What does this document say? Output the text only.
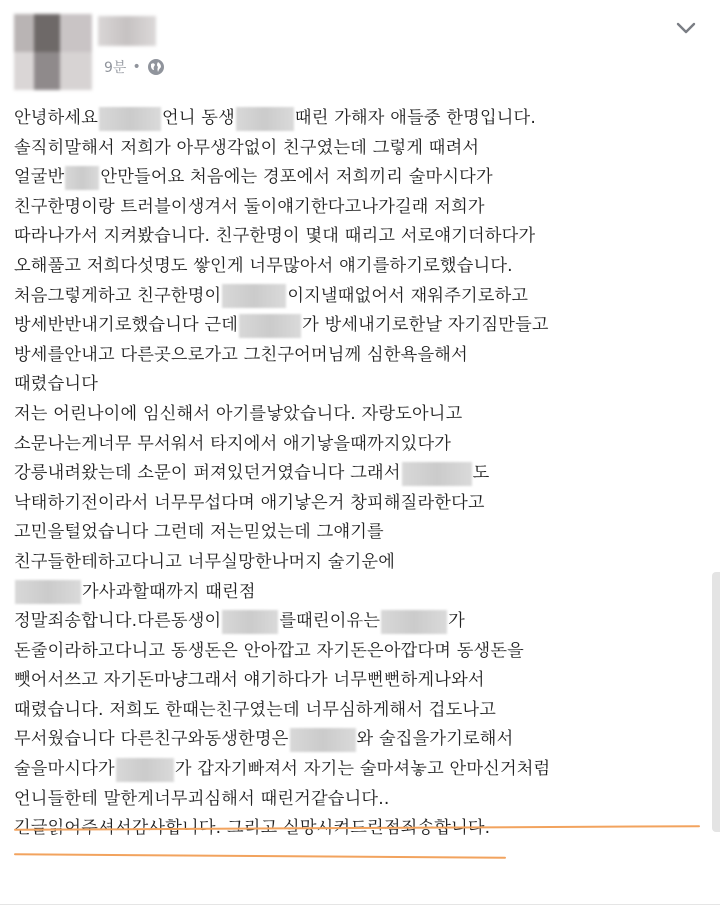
9분 •
안녕하세요	언니 동생	때린 가해자 애들중 한명입니다.
솔직히말해서 저희가 아무생각없이 친구였는데 그렇게 때려서
얼굴반 안만들어요 처음에는 경포에서 저희끼리 술마시다가
친구한명이랑 트러블이생겨서 둘이얘기한다고나가길래 저희가
따라나가서 지켜봤습니다. 친구한명이 몇대 때리고 서로얘기더하다가
오해풀고 저희다섯명도 쌓인게 너무많아서 얘기를하기로했습니다.
처음그렇게하고 친구한명이	이지낼때없어서 재워주기로하고
방세반반내기로했습니다 근데	가 방세내기로한날 자기짐만들고
방세를안내고 다른곳으로가고 그친구어머님께 심한욕을해서
때렸습니다
저는 어린나이에 임신해서 아기를낳았습니다. 자랑도아니고
소문나는게너무 무서워서 타지에서 애기낳을때까지있다가
강릉내려왔는데 소문이 퍼져있던거였습니다 그래서	도
낙태하기전이라서 너무무섭다며 애기낳은거 창피해질라한다고
고민을털었습니다 그런데 저는믿었는데 그얘기를
친구들한테하고다니고 너무실망한나머지 술기운에
가사과할때까지 때린점
정말죄송합니다.다른동생이	를때린이유는	가
돈줄이라하고다니고 동생돈은 안아깝고 자기돈은아깝다며 동생돈을
뺏어서쓰고 자기돈마냥그래서 얘기하다가 너무뻔뻔하게나와서
때렸습니다. 저희도 한때는친구였는데 너무심하게해서 겁도나고
무서웠습니다 다른친구와동생한명은	와 술집을가기로해서
술을마시다가	가 갑자기빠져서 자기는 술마셔놓고 안마신거처럼
언니들한테 말한게너무괴심해서 때린거같습니다..
